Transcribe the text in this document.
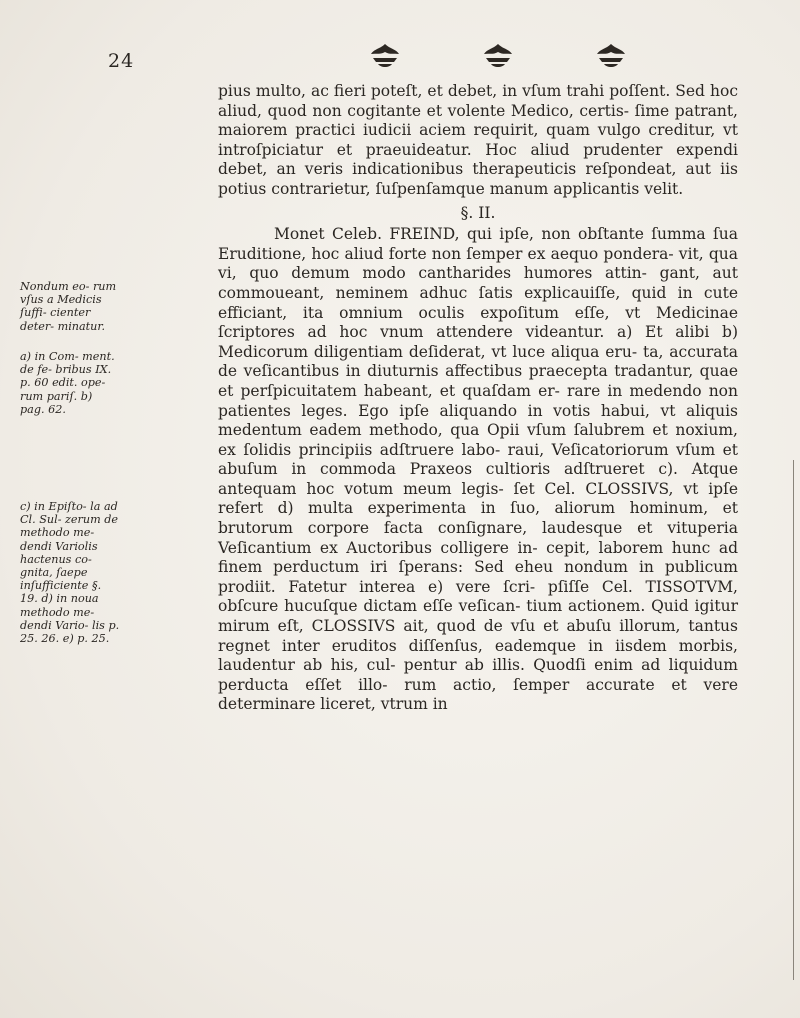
24

pius multo, ac fieri poteſt, et debet, in vſum trahi poſſent. Sed hoc aliud, quod non cogitante et volente Medico, certis- ſime patrant, maiorem practici iudicii aciem requirit, quam vulgo creditur, vt introſpiciatur et praeuideatur. Hoc aliud prudenter expendi debet, an veris indicationibus therapeuticis reſpondeat, aut iis potius contrarietur, ſuſpenſamque manum applicantis velit.

§. II.

Monet Celeb. FREIND, qui ipſe, non obſtante ſumma ſua Eruditione, hoc aliud forte non ſemper ex aequo pondera- vit, qua vi, quo demum modo cantharides humores attin- gant, aut commoueant, neminem adhuc ſatis explicauiſſe, quid in cute efficiant, ita omnium oculis expoſitum eſſe, vt Medicinae ſcriptores ad hoc vnum attendere videantur. a) Et alibi b) Medicorum diligentiam deſiderat, vt luce aliqua eru- ta, accurata de veſicantibus in diuturnis affectibus praecepta tradantur, quae et perſpicuitatem habeant, et quaſdam er- rare in medendo non patientes leges. Ego ipſe aliquando in votis habui, vt aliquis medentum eadem methodo, qua Opii vſum ſalubrem et noxium, ex ſolidis principiis adſtruere labo- raui, Veſicatoriorum vſum et abuſum in commoda Praxeos cultioris adſtrueret c). Atque antequam hoc votum meum legis- ſet Cel. CLOSSIVS, vt ipſe refert d) multa experimenta in ſuo, aliorum hominum, et brutorum corpore facta conſignare, laudesque et vituperia Veſicantium ex Auctoribus colligere in- cepit, laborem hunc ad finem perductum iri ſperans: Sed eheu nondum in publicum prodiit. Fatetur interea e) vere ſcri- pſiſſe Cel. TISSOTVM, obſcure hucuſque dictam eſſe veſican- tium actionem. Quid igitur mirum eſt, CLOSSIVS ait, quod de vſu et abuſu illorum, tantus regnet inter eruditos diſſenſus, eademque in iisdem morbis, laudentur ab his, cul- pentur ab illis. Quodſi enim ad liquidum perducta eſſet illo- rum actio, ſemper accurate et vere determinare liceret, vtrum in

Nondum eo- rum vſus a Medicis ſuffi- cienter deter- minatur.

a) in Com- ment. de fe- bribus IX. p. 60 edit. ope- rum pariſ. b) pag. 62.

c) in Epiſto- la ad Cl. Sul- zerum de methodo me- dendi Variolis hactenus co- gnita, ſaepe inſufficiente §. 19. d) in noua methodo me- dendi Vario- lis p. 25. 26. e) p. 25.
